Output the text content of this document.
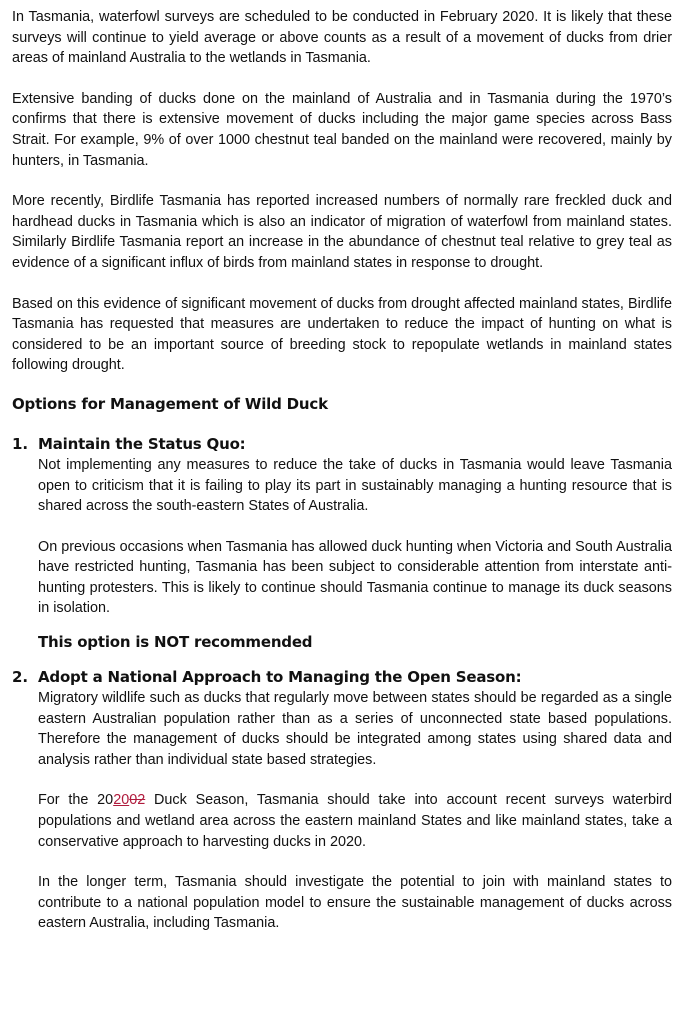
In Tasmania, waterfowl surveys are scheduled to be conducted in February 2020. It is likely that these surveys will continue to yield average or above counts as a result of a movement of ducks from drier areas of mainland Australia to the wetlands in Tasmania.

Extensive banding of ducks done on the mainland of Australia and in Tasmania during the 1970’s confirms that there is extensive movement of ducks including the major game species across Bass Strait. For example, 9% of over 1000 chestnut teal banded on the mainland were recovered, mainly by hunters, in Tasmania.

More recently, Birdlife Tasmania has reported increased numbers of normally rare freckled duck and hardhead ducks in Tasmania which is also an indicator of migration of waterfowl from mainland states. Similarly Birdlife Tasmania report an increase in the abundance of chestnut teal relative to grey teal as evidence of a significant influx of birds from mainland states in response to drought.

Based on this evidence of significant movement of ducks from drought affected mainland states, Birdlife Tasmania has requested that measures are undertaken to reduce the impact of hunting on what is considered to be an important source of breeding stock to repopulate wetlands in mainland states following drought.

Options for Management of Wild Duck

1. Maintain the Status Quo:

Not implementing any measures to reduce the take of ducks in Tasmania would leave Tasmania open to criticism that it is failing to play its part in sustainably managing a hunting resource that is shared across the south-eastern States of Australia.

On previous occasions when Tasmania has allowed duck hunting when Victoria and South Australia have restricted hunting, Tasmania has been subject to considerable attention from interstate anti-hunting protesters. This is likely to continue should Tasmania continue to manage its duck seasons in isolation.

This option is NOT recommended

2. Adopt a National Approach to Managing the Open Season:

Migratory wildlife such as ducks that regularly move between states should be regarded as a single eastern Australian population rather than as a series of unconnected state based populations. Therefore the management of ducks should be integrated among states using shared data and analysis rather than individual state based strategies.

For the 202002 Duck Season, Tasmania should take into account recent surveys waterbird populations and wetland area across the eastern mainland States and like mainland states, take a conservative approach to harvesting ducks in 2020.

In the longer term, Tasmania should investigate the potential to join with mainland states to contribute to a national population model to ensure the sustainable management of ducks across eastern Australia, including Tasmania.
